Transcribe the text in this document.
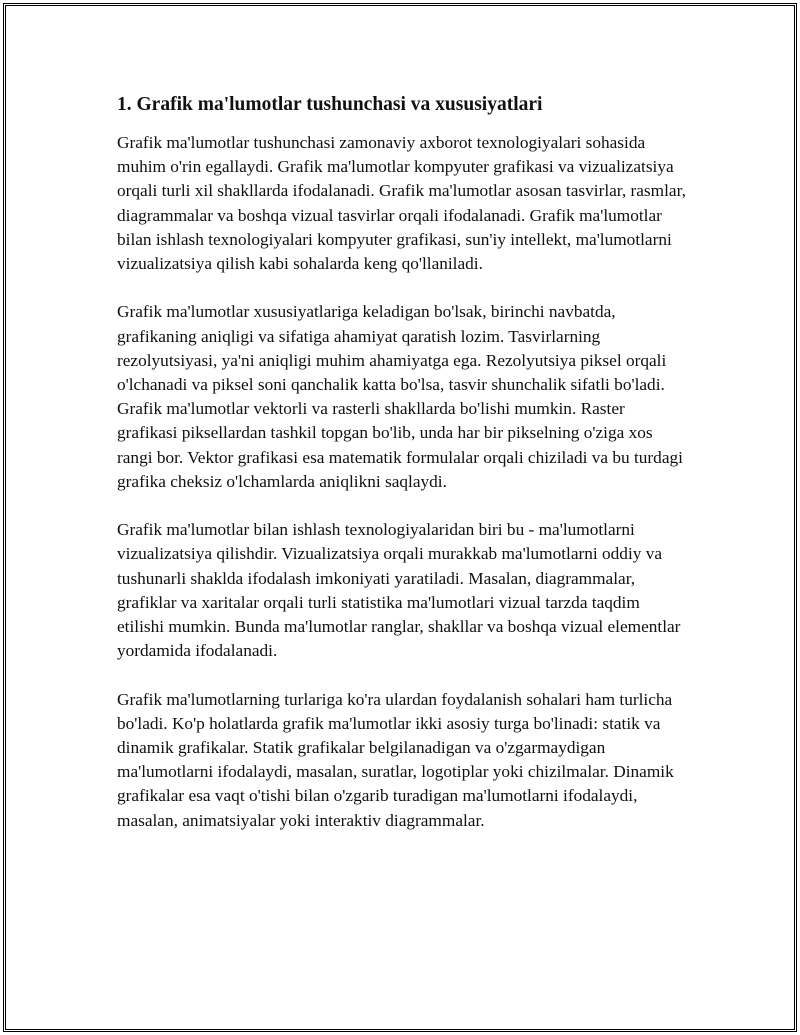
1. Grafik ma'lumotlar tushunchasi va xususiyatlari

Grafik ma'lumotlar tushunchasi zamonaviy axborot texnologiyalari sohasida muhim o'rin egallaydi. Grafik ma'lumotlar kompyuter grafikasi va vizualizatsiya orqali turli xil shakllarda ifodalanadi. Grafik ma'lumotlar asosan tasvirlar, rasmlar, diagrammalar va boshqa vizual tasvirlar orqali ifodalanadi. Grafik ma'lumotlar bilan ishlash texnologiyalari kompyuter grafikasi, sun'iy intellekt, ma'lumotlarni vizualizatsiya qilish kabi sohalarda keng qo'llaniladi.

Grafik ma'lumotlar xususiyatlariga keladigan bo'lsak, birinchi navbatda, grafikaning aniqligi va sifatiga ahamiyat qaratish lozim. Tasvirlarning rezolyutsiyasi, ya'ni aniqligi muhim ahamiyatga ega. Rezolyutsiya piksel orqali o'lchanadi va piksel soni qanchalik katta bo'lsa, tasvir shunchalik sifatli bo'ladi. Grafik ma'lumotlar vektorli va rasterli shakllarda bo'lishi mumkin. Raster grafikasi piksellardan tashkil topgan bo'lib, unda har bir pikselning o'ziga xos rangi bor. Vektor grafikasi esa matematik formulalar orqali chiziladi va bu turdagi grafika cheksiz o'lchamlarda aniqlikni saqlaydi.

Grafik ma'lumotlar bilan ishlash texnologiyalaridan biri bu - ma'lumotlarni vizualizatsiya qilishdir. Vizualizatsiya orqali murakkab ma'lumotlarni oddiy va tushunarli shaklda ifodalash imkoniyati yaratiladi. Masalan, diagrammalar, grafiklar va xaritalar orqali turli statistika ma'lumotlari vizual tarzda taqdim etilishi mumkin. Bunda ma'lumotlar ranglar, shakllar va boshqa vizual elementlar yordamida ifodalanadi.

Grafik ma'lumotlarning turlariga ko'ra ulardan foydalanish sohalari ham turlicha bo'ladi. Ko'p holatlarda grafik ma'lumotlar ikki asosiy turga bo'linadi: statik va dinamik grafikalar. Statik grafikalar belgilanadigan va o'zgarmaydigan ma'lumotlarni ifodalaydi, masalan, suratlar, logotiplar yoki chizilmalar. Dinamik grafikalar esa vaqt o'tishi bilan o'zgarib turadigan ma'lumotlarni ifodalaydi, masalan, animatsiyalar yoki interaktiv diagrammalar.
